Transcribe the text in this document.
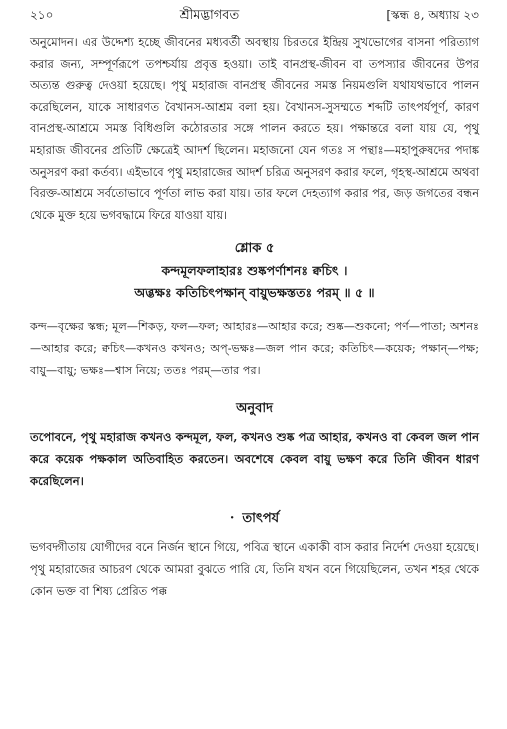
২১০	শ্রীমদ্ভাগবত	[স্কন্ধ ৪, অধ্যায় ২৩

অনুমোদন। এর উদ্দেশ্য হচ্ছে জীবনের মধ্যবর্তী অবস্থায় চিরতরে ইন্দ্রিয় সুখভোগের বাসনা পরিত্যাগ করার জন্য, সম্পূর্ণরূপে তপশ্চর্যায় প্রবৃত্ত হওয়া। তাই বানপ্রস্থ-জীবন বা তপস্যার জীবনের উপর অত্যন্ত গুরুত্ব দেওয়া হয়েছে। পৃথু মহারাজ বানপ্রস্থ জীবনের সমস্ত নিয়মগুলি যথাযথভাবে পালন করেছিলেন, যাকে সাধারণত বৈখানস-আশ্রম বলা হয়। বৈখানস-সুসম্মতে শব্দটি তাৎপর্যপূর্ণ, কারণ বানপ্রস্থ-আশ্রমে সমস্ত বিধিগুলি কঠোরতার সঙ্গে পালন করতে হয়। পক্ষান্তরে বলা যায় যে, পৃথু মহারাজ জীবনের প্রতিটি ক্ষেত্রেই আদর্শ ছিলেন। মহাজনো যেন গতঃ স পন্থাঃ—মহাপুরুষদের পদাঙ্ক অনুসরণ করা কর্তব্য। এইভাবে পৃথু মহারাজের আদর্শ চরিত্র অনুসরণ করার ফলে, গৃহস্থ-আশ্রমে অথবা বিরক্ত-আশ্রমে সর্বতোভাবে পূর্ণতা লাভ করা যায়। তার ফলে দেহত্যাগ করার পর, জড় জগতের বন্ধন থেকে মুক্ত হয়ে ভগবদ্ধামে ফিরে যাওয়া যায়।

শ্লোক ৫
কন্দমূলফলাহারঃ শুষ্কপর্ণাশনঃ ক্বচিৎ ।
অব্ভক্ষঃ কতিচিৎপক্ষান্ বায়ুভক্ষস্ততঃ পরম্ ॥ ৫ ॥
কন্দ—বৃক্ষের স্কন্ধ; মূল—শিকড়, ফল—ফল; আহারঃ—আহার করে; শুষ্ক—শুকনো; পর্ণ—পাতা; অশনঃ—আহার করে; ক্বচিৎ—কখনও কখনও; অপ্-ভক্ষঃ—জল পান করে; কতিচিৎ—কয়েক; পক্ষান্—পক্ষ; বায়ু—বায়ু; ভক্ষঃ—শ্বাস নিয়ে; ততঃ পরম্—তার পর।
অনুবাদ
তপোবনে, পৃথু মহারাজ কখনও কন্দমূল, ফল, কখনও শুষ্ক পত্র আহার, কখনও বা কেবল জল পান করে কয়েক পক্ষকাল অতিবাহিত করতেন। অবশেষে কেবল বায়ু ভক্ষণ করে তিনি জীবন ধারণ করেছিলেন।
· তাৎপর্য

ভগবদ্গীতায় যোগীদের বনে নির্জন স্থানে গিয়ে, পবিত্র স্থানে একাকী বাস করার নির্দেশ দেওয়া হয়েছে। পৃথু মহারাজের আচরণ থেকে আমরা বুঝতে পারি যে, তিনি যখন বনে গিয়েছিলেন, তখন শহর থেকে কোন ভক্ত বা শিষ্য প্রেরিত পক্ক
